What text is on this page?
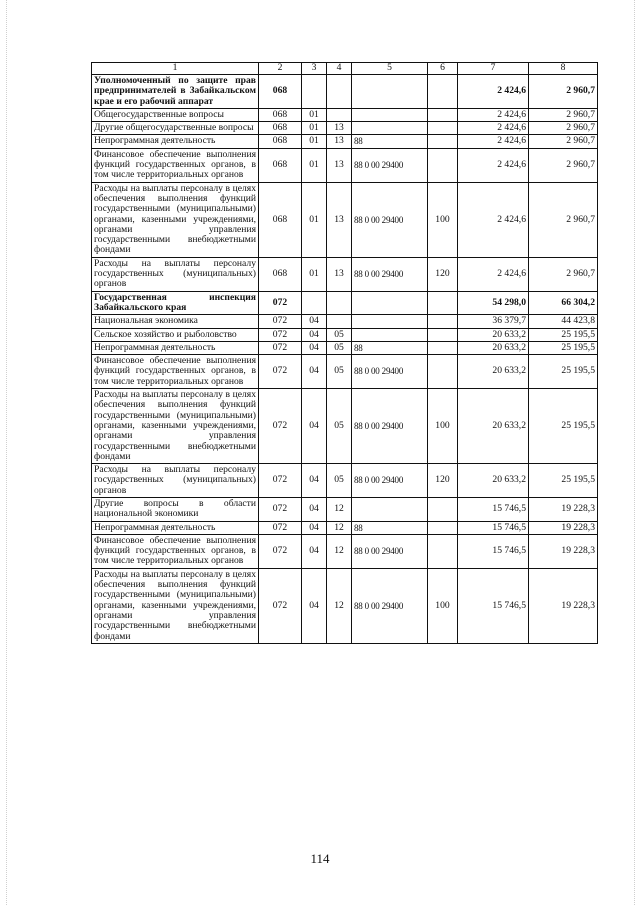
1	2	3	4	5	6	7	8
Уполномоченный по защите прав предпринимателей в Забайкальском крае и его рабочий аппарат	068					2 424,6	2 960,7
Общегосударственные вопросы	068	01				2 424,6	2 960,7
Другие общегосударственные вопросы	068	01	13			2 424,6	2 960,7
Непрограммная деятельность	068	01	13	88		2 424,6	2 960,7
Финансовое обеспечение выполнения функций государственных органов, в том числе территориальных органов	068	01	13	88 0 00 29400		2 424,6	2 960,7
Расходы на выплаты персоналу в целях обеспечения выполнения функций государственными (муниципальными) органами, казенными учреждениями, органами управления государственными внебюджетными фондами	068	01	13	88 0 00 29400	100	2 424,6	2 960,7
Расходы на выплаты персоналу государственных (муниципальных) органов	068	01	13	88 0 00 29400	120	2 424,6	2 960,7
Государственная инспекция Забайкальского края	072					54 298,0	66 304,2
Национальная экономика	072	04				36 379,7	44 423,8
Сельское хозяйство и рыболовство	072	04	05			20 633,2	25 195,5
Непрограммная деятельность	072	04	05	88		20 633,2	25 195,5
Финансовое обеспечение выполнения функций государственных органов, в том числе территориальных органов	072	04	05	88 0 00 29400		20 633,2	25 195,5
Расходы на выплаты персоналу в целях обеспечения выполнения функций государственными (муниципальными) органами, казенными учреждениями, органами управления государственными внебюджетными фондами	072	04	05	88 0 00 29400	100	20 633,2	25 195,5
Расходы на выплаты персоналу государственных (муниципальных) органов	072	04	05	88 0 00 29400	120	20 633,2	25 195,5
Другие вопросы в области национальной экономики	072	04	12			15 746,5	19 228,3
Непрограммная деятельность	072	04	12	88		15 746,5	19 228,3
Финансовое обеспечение выполнения функций государственных органов, в том числе территориальных органов	072	04	12	88 0 00 29400		15 746,5	19 228,3
Расходы на выплаты персоналу в целях обеспечения выполнения функций государственными (муниципальными) органами, казенными учреждениями, органами управления государственными внебюджетными фондами	072	04	12	88 0 00 29400	100	15 746,5	19 228,3
114
